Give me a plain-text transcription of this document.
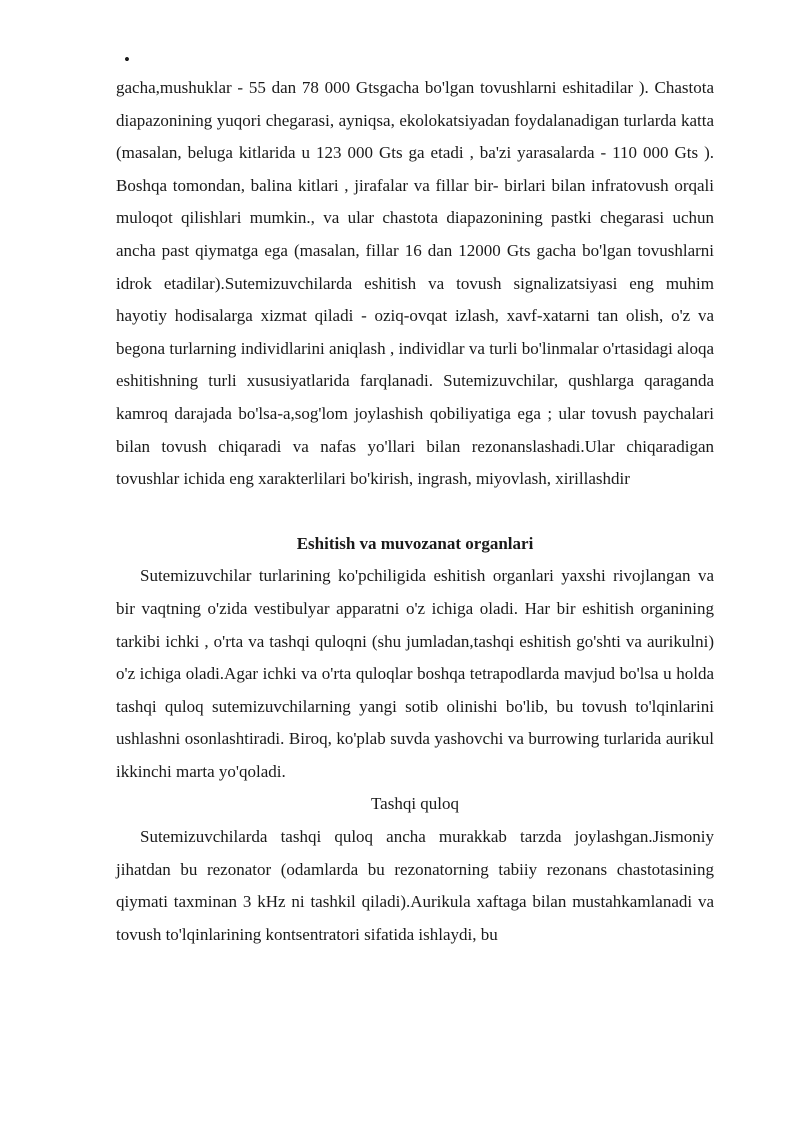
•

gacha,mushuklar - 55 dan 78 000 Gtsgacha bo'lgan tovushlarni eshitadilar ). Chastota diapazonining yuqori chegarasi, ayniqsa, ekolokatsiyadan foydalanadigan turlarda katta (masalan, beluga kitlarida u 123 000 Gts ga etadi , ba'zi yarasalarda - 110 000 Gts ). Boshqa tomondan, balina kitlari , jirafalar va fillar bir- birlari bilan infratovush orqali muloqot qilishlari mumkin., va ular chastota diapazonining pastki chegarasi uchun ancha past qiymatga ega (masalan, fillar 16 dan 12000 Gts gacha bo'lgan tovushlarni idrok etadilar).Sutemizuvchilarda eshitish va tovush signalizatsiyasi eng muhim hayotiy hodisalarga xizmat qiladi - oziq-ovqat izlash, xavf-xatarni tan olish, o'z va begona turlarning individlarini aniqlash , individlar va turli bo'linmalar o'rtasidagi aloqa eshitishning turli xususiyatlarida farqlanadi. Sutemizuvchilar, qushlarga qaraganda kamroq darajada bo'lsa-a,sog'lom joylashish qobiliyatiga ega ; ular tovush paychalari bilan tovush chiqaradi va nafas yo'llari bilan rezonanslashadi.Ular chiqaradigan tovushlar ichida eng xarakterlilari bo'kirish, ingrash, miyovlash, xirillashdir

Eshitish va muvozanat organlari

Sutemizuvchilar turlarining ko'pchiligida eshitish organlari yaxshi rivojlangan va bir vaqtning o'zida vestibulyar apparatni o'z ichiga oladi. Har bir eshitish organining tarkibi ichki , o'rta va tashqi quloqni (shu jumladan,tashqi eshitish go'shti va aurikulni) o'z ichiga oladi.Agar ichki va o'rta quloqlar boshqa tetrapodlarda mavjud bo'lsa u holda tashqi quloq sutemizuvchilarning yangi sotib olinishi bo'lib, bu tovush to'lqinlarini ushlashni osonlashtiradi. Biroq, ko'plab suvda yashovchi va burrowing turlarida aurikul ikkinchi marta yo'qoladi.

Tashqi quloq

Sutemizuvchilarda tashqi quloq ancha murakkab tarzda joylashgan.Jismoniy jihatdan bu rezonator (odamlarda bu rezonatorning tabiiy rezonans chastotasining qiymati taxminan 3 kHz ni tashkil qiladi).Aurikula xaftaga bilan mustahkamlanadi va tovush to'lqinlarining kontsentratori sifatida ishlaydi, bu
